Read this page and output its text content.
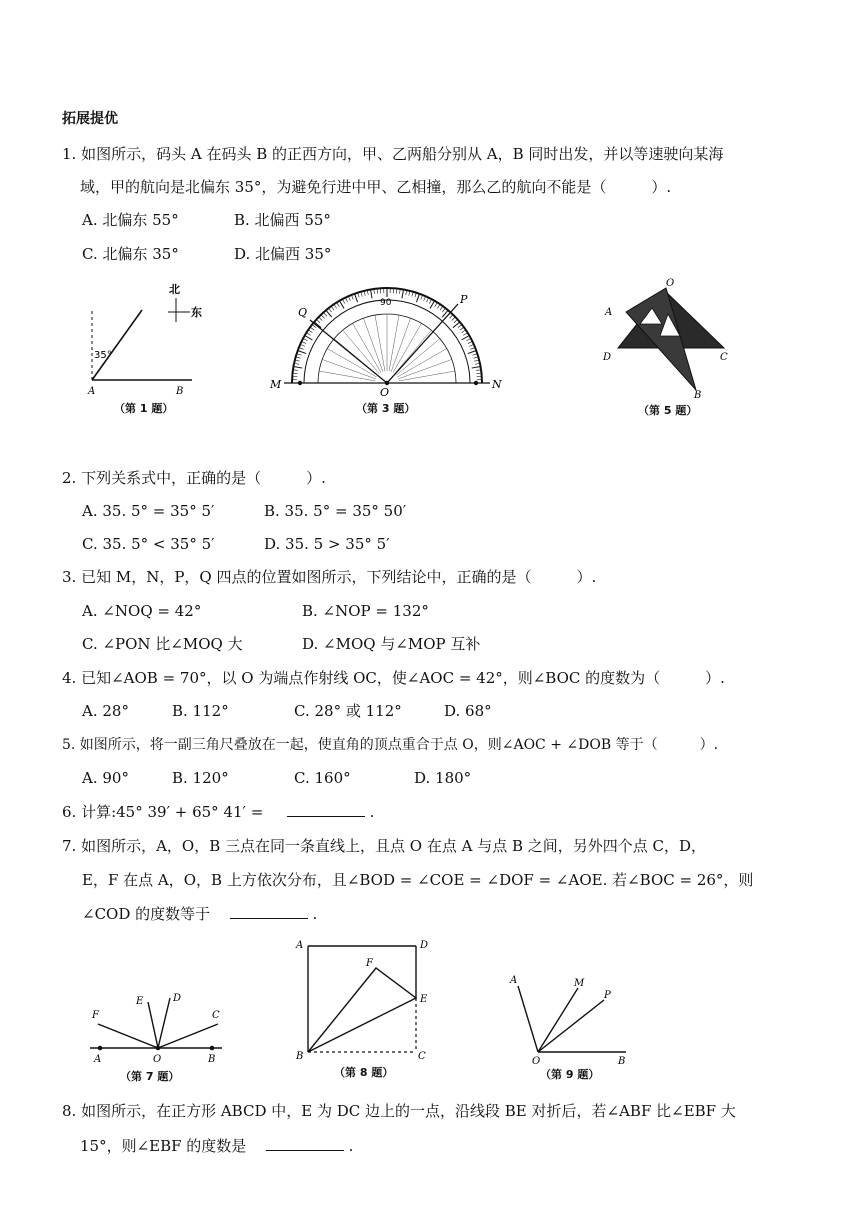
拓展提优
1. 如图所示，码头 A 在码头 B 的正西方向，甲、乙两船分别从 A，B 同时出发，并以等速驶向某海
域，甲的航向是北偏东 35°，为避免行进中甲、乙相撞，那么乙的航向不能是（　　　）.
A. 北偏东 55°	B. 北偏西 55°
C. 北偏东 35°	D. 北偏西 35°
北
东
35°
A	B
（第 1 题）
90
Q
P
M
O
N
（第 3 题）
O
A
D	C
B
（第 5 题）
2. 下列关系式中，正确的是（　　　）.
A. 35. 5° = 35° 5′	B. 35. 5° = 35° 50′
C. 35. 5° < 35° 5′	D. 35. 5 > 35° 5′
3. 已知 M，N，P，Q 四点的位置如图所示，下列结论中，正确的是（　　　）.
A. ∠NOQ = 42°	B. ∠NOP = 132°
C. ∠PON 比∠MOQ 大	D. ∠MOQ 与∠MOP 互补
4. 已知∠AOB = 70°，以 O 为端点作射线 OC，使∠AOC = 42°，则∠BOC 的度数为（　　　）.
A. 28°	B. 112°	C. 28° 或 112°	D. 68°
5. 如图所示，将一副三角尺叠放在一起，使直角的顶点重合于点 O，则∠AOC + ∠DOB 等于（　　　）.
A. 90°	B. 120°	C. 160°	D. 180°
6. 计算:45° 39′ + 65° 41′ =	.
7. 如图所示，A，O，B 三点在同一条直线上，且点 O 在点 A 与点 B 之间，另外四个点 C，D，
E，F 在点 A，O，B 上方依次分布，且∠BOD = ∠COE = ∠DOF = ∠AOE. 若∠BOC = 26°，则
∠COD 的度数等于	.
F
E	D
C
A	O	B
（第 7 题）
A	D
F
E
B	C
（第 8 题）
A	M
P
O	B
（第 9 题）
8. 如图所示，在正方形 ABCD 中，E 为 DC 边上的一点，沿线段 BE 对折后，若∠ABF 比∠EBF 大
15°，则∠EBF 的度数是	.
